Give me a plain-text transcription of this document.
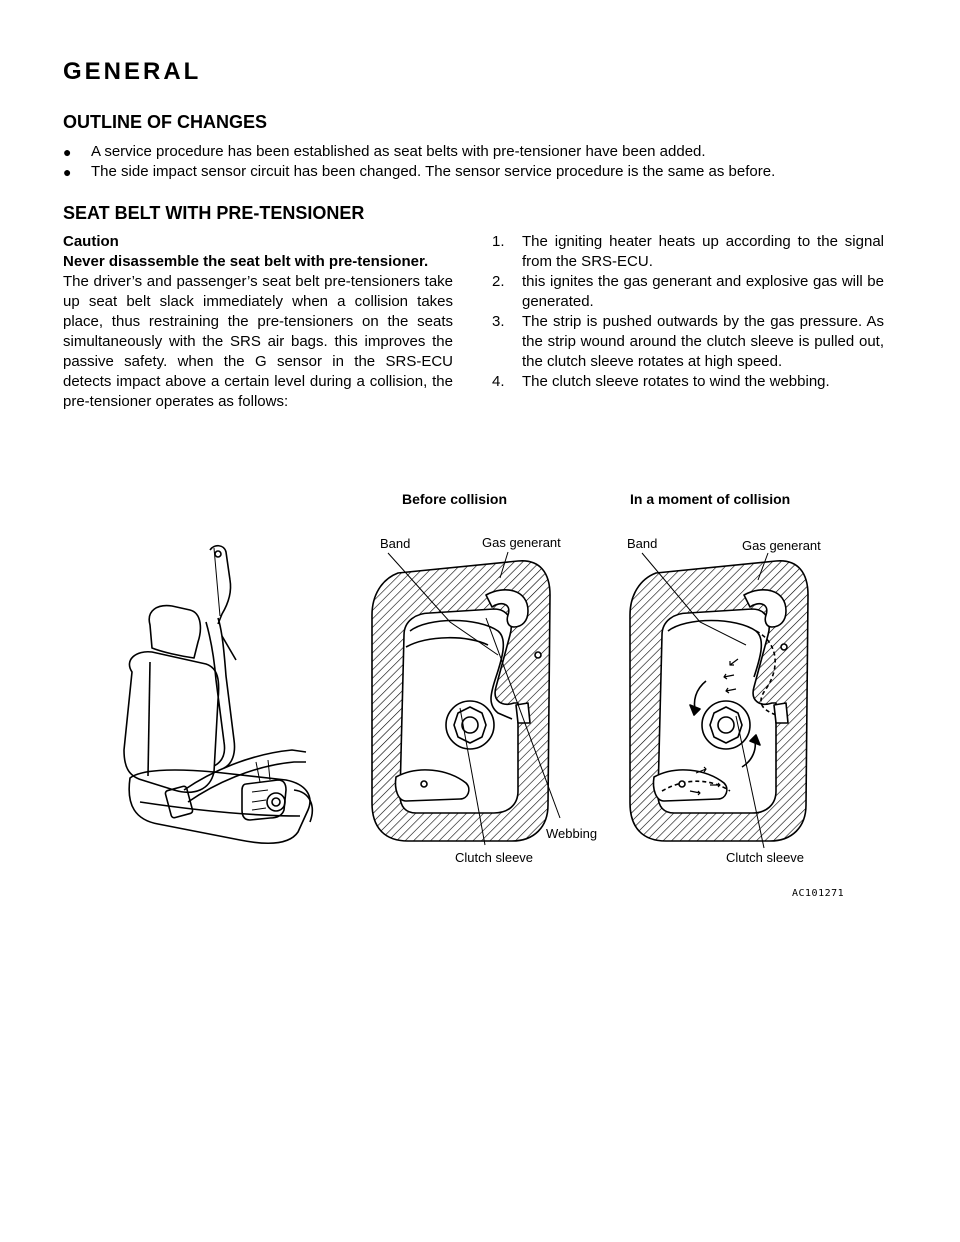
GENERAL
OUTLINE OF CHANGES

●	A service procedure has been established as seat belts with pre-tensioner have been added.

●	The side impact sensor circuit has been changed. The sensor service procedure is the same as before.

SEAT BELT WITH PRE-TENSIONER
Caution
Never disassemble the seat belt with pre-tensioner.
The driver’s and passenger’s seat belt pre-tensioners take up seat belt slack immediately when a collision takes place, thus restraining the pre-tensioners on the seats simultaneously with the SRS air bags. this improves the passive safety. when the G sensor in the SRS-ECU detects impact above a certain level during a collision, the pre-tensioner operates as follows:
1.	The igniting heater heats up according to the signal from the SRS-ECU.
2.	this ignites the gas generant and explosive gas will be generated.
3.	The strip is pushed outwards by the gas pressure. As the strip wound around the clutch sleeve is pulled out, the clutch sleeve rotates at high speed.
4.	The clutch sleeve rotates to wind the webbing.
Before collision	In a moment of collision
Band	Gas generant	Band	Gas generant
Webbing
Clutch sleeve	Clutch sleeve
AC101271
